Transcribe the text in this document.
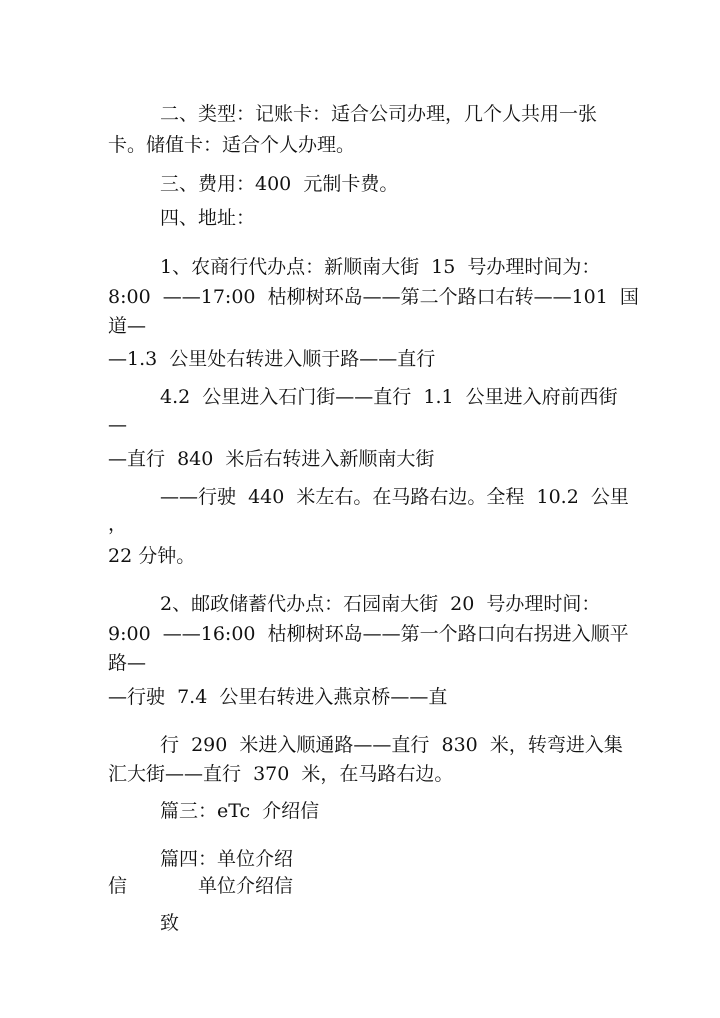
二、类型：记账卡：适合公司办理，几个人共用一张
卡。储值卡：适合个人办理。
三、费用：400  元制卡费。
四、地址：
1、农商行代办点：新顺南大街  15  号办理时间为：
8:00  ——17:00  枯柳树环岛——第二个路口右转——101  国
道—
—1.3  公里处右转进入顺于路——直行
4.2  公里进入石门街——直行  1.1  公里进入府前西街
—
—直行  840  米后右转进入新顺南大街
——行驶  440  米左右。在马路右边。全程  10.2  公里
，
22 分钟。
2、邮政储蓄代办点：石园南大街  20  号办理时间：
9:00  ——16:00  枯柳树环岛——第一个路口向右拐进入顺平
路—
—行驶  7.4  公里右转进入燕京桥——直
行  290  米进入顺通路——直行  830  米，转弯进入集
汇大街——直行  370  米，在马路右边。
篇三：eTc  介绍信
篇四：单位介绍
信	单位介绍信
致
